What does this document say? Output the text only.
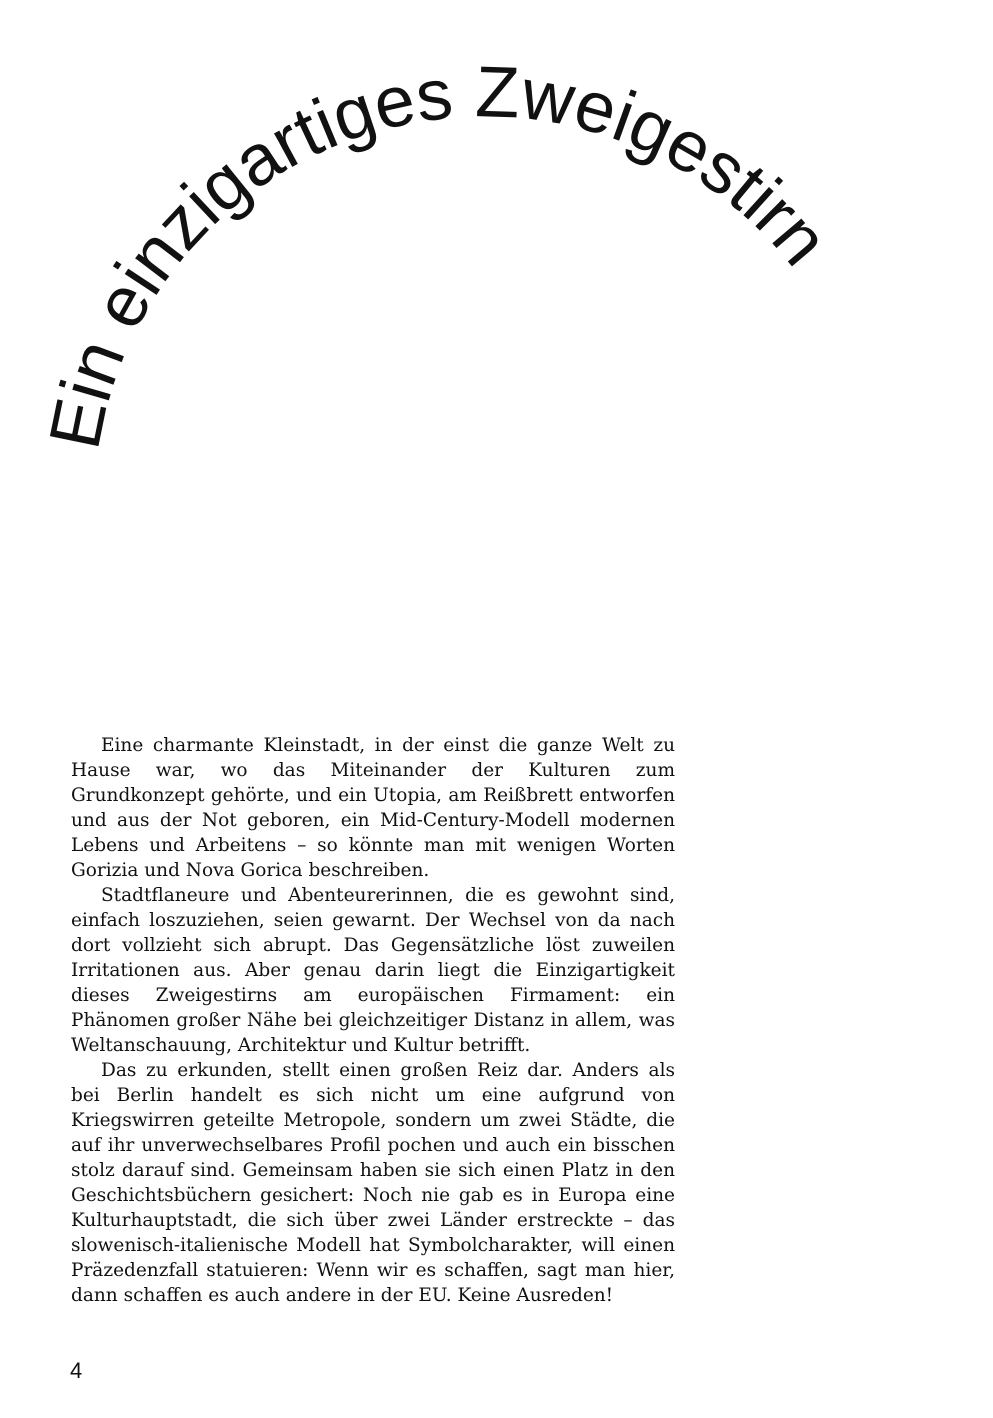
Ein einzigartiges Zweigestirn

Eine charmante Kleinstadt, in der einst die ganze Welt zu Hause war, wo das Miteinander der Kulturen zum Grundkonzept gehörte, und ein Utopia, am Reißbrett entworfen und aus der Not geboren, ein Mid-Century-Modell modernen Lebens und Arbeitens – so könnte man mit wenigen Worten Gorizia und Nova Gorica beschreiben.

Stadtflaneure und Abenteurerinnen, die es gewohnt sind, einfach loszuziehen, seien gewarnt. Der Wechsel von da nach dort vollzieht sich abrupt. Das Gegensätzliche löst zuweilen Irritationen aus. Aber genau darin liegt die Einzigartigkeit dieses Zweigestirns am europäischen Firmament: ein Phänomen großer Nähe bei gleichzeitiger Distanz in allem, was Weltanschauung, Architektur und Kultur betrifft.

Das zu erkunden, stellt einen großen Reiz dar. Anders als bei Berlin handelt es sich nicht um eine aufgrund von Kriegswirren geteilte Metropole, sondern um zwei Städte, die auf ihr unverwechselbares Profil pochen und auch ein bisschen stolz darauf sind. Gemeinsam haben sie sich einen Platz in den Geschichtsbüchern gesichert: Noch nie gab es in Europa eine Kulturhauptstadt, die sich über zwei Länder erstreckte – das slowenisch-italienische Modell hat Symbolcharakter, will einen Präzedenzfall statuieren: Wenn wir es schaffen, sagt man hier, dann schaffen es auch andere in der EU. Keine Ausreden!

4
